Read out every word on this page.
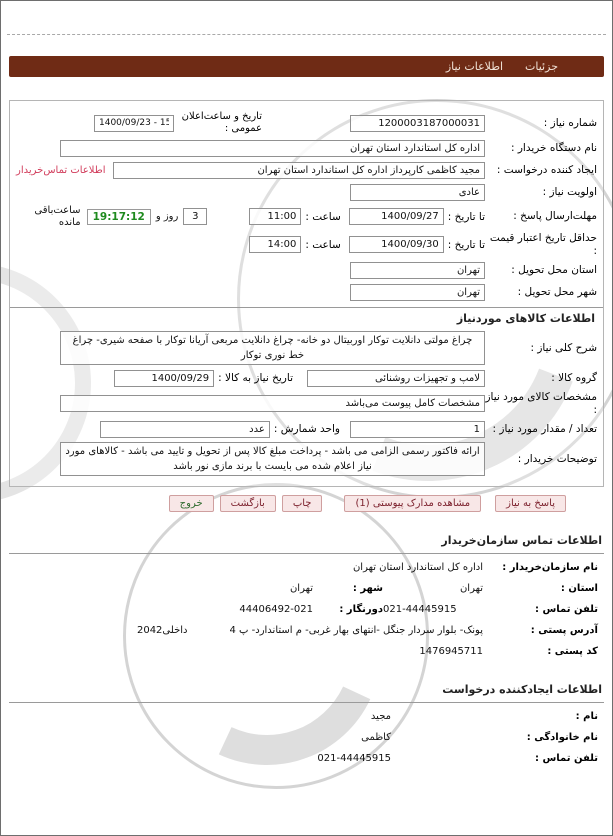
جزئیات
اطلاعات نیاز
شماره نیاز :
1200003187000031
تاریخ و ساعت‌اعلان عمومی :
1400/09/23 - 15:32
نام دستگاه خریدار :
اداره کل استاندارد استان تهران
ایجاد کننده درخواست :
مجید کاظمی کارپرداز اداره کل استاندارد استان تهران
اطلاعات تماس‌خریدار
اولویت نیاز :
عادی
مهلت‌ارسال پاسخ :
تا تاریخ :
1400/09/27
ساعت :
11:00
3
روز و
19:17:12
ساعت‌باقی مانده
حداقل تاریخ اعتبار قیمت :
تا تاریخ :
1400/09/30
ساعت :
14:00
استان محل تحویل :
تهران
شهر محل تحویل :
تهران
اطلاعات کالاهای موردنیاز
شرح کلی نیاز :
چراغ مولتی دانلایت توکار اوربیتال دو خانه- چراغ دانلایت مربعی آریانا توکار با صفحه شیری- چراغ خط نوری توکار
گروه کالا :
لامپ و تجهیزات روشنائی
تاریخ نیاز به کالا :
1400/09/29
مشخصات کالای مورد نیاز :
مشخصات کامل پیوست می‌باشد
تعداد / مقدار مورد نیاز :
1
واحد شمارش :
عدد
توضیحات خریدار :
ارائه فاکتور رسمی الزامی می باشد - پرداخت مبلغ کالا پس از تحویل و تایید می باشد - کالاهای مورد نیاز اعلام شده می بایست با برند مازی نور باشد
پاسخ به نیاز
مشاهده مدارک پیوستی (1)
چاپ
بازگشت
خروج
اطلاعات تماس سازمان‌خریدار
نام سازمان‌خریدار :
اداره کل استاندارد استان تهران
استان :
تهران
شهر :
تهران
تلفن تماس :
021-44445915
دورنگار :
44406492-021
آدرس پستی :
پونک- بلوار سردار جنگل -انتهای بهار غربی- م استاندارد- پ 4
داخلی2042
کد پستی :
1476945711
اطلاعات ایجادکننده درخواست
نام :
مجید
نام خانوادگی :
کاظمی
تلفن تماس :
021-44445915
